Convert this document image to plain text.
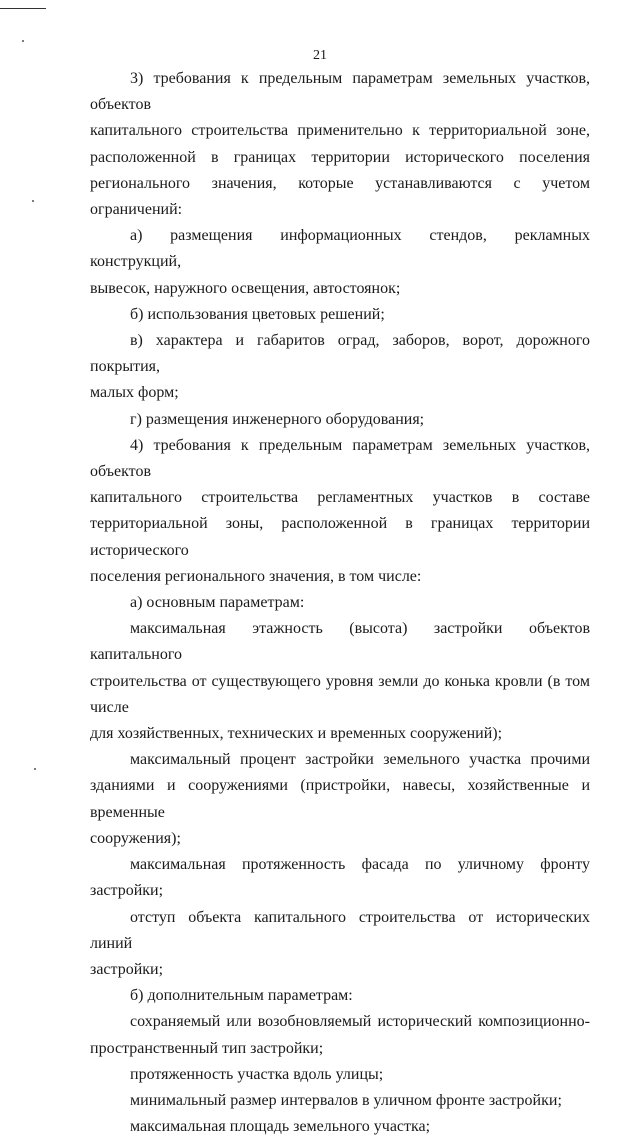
21
3) требования к предельным параметрам земельных участков, объектов
капитального строительства применительно к территориальной зоне,
расположенной в границах территории исторического поселения
регионального значения, которые устанавливаются с учетом ограничений:
а) размещения информационных стендов, рекламных конструкций,
вывесок, наружного освещения, автостоянок;
б) использования цветовых решений;
в) характера и габаритов оград, заборов, ворот, дорожного покрытия,
малых форм;
г) размещения инженерного оборудования;
4) требования к предельным параметрам земельных участков, объектов
капитального строительства регламентных участков в составе
территориальной зоны, расположенной в границах территории исторического
поселения регионального значения, в том числе:
а) основным параметрам:
максимальная этажность (высота) застройки объектов капитального
строительства от существующего уровня земли до конька кровли (в том числе
для хозяйственных, технических и временных сооружений);
максимальный процент застройки земельного участка прочими
зданиями и сооружениями (пристройки, навесы, хозяйственные и временные
сооружения);
максимальная протяженность фасада по уличному фронту застройки;
отступ объекта капитального строительства от исторических линий
застройки;
б) дополнительным параметрам:
сохраняемый или возобновляемый исторический композиционно-
пространственный тип застройки;
протяженность участка вдоль улицы;
минимальный размер интервалов в уличном фронте застройки;
максимальная площадь земельного участка;
